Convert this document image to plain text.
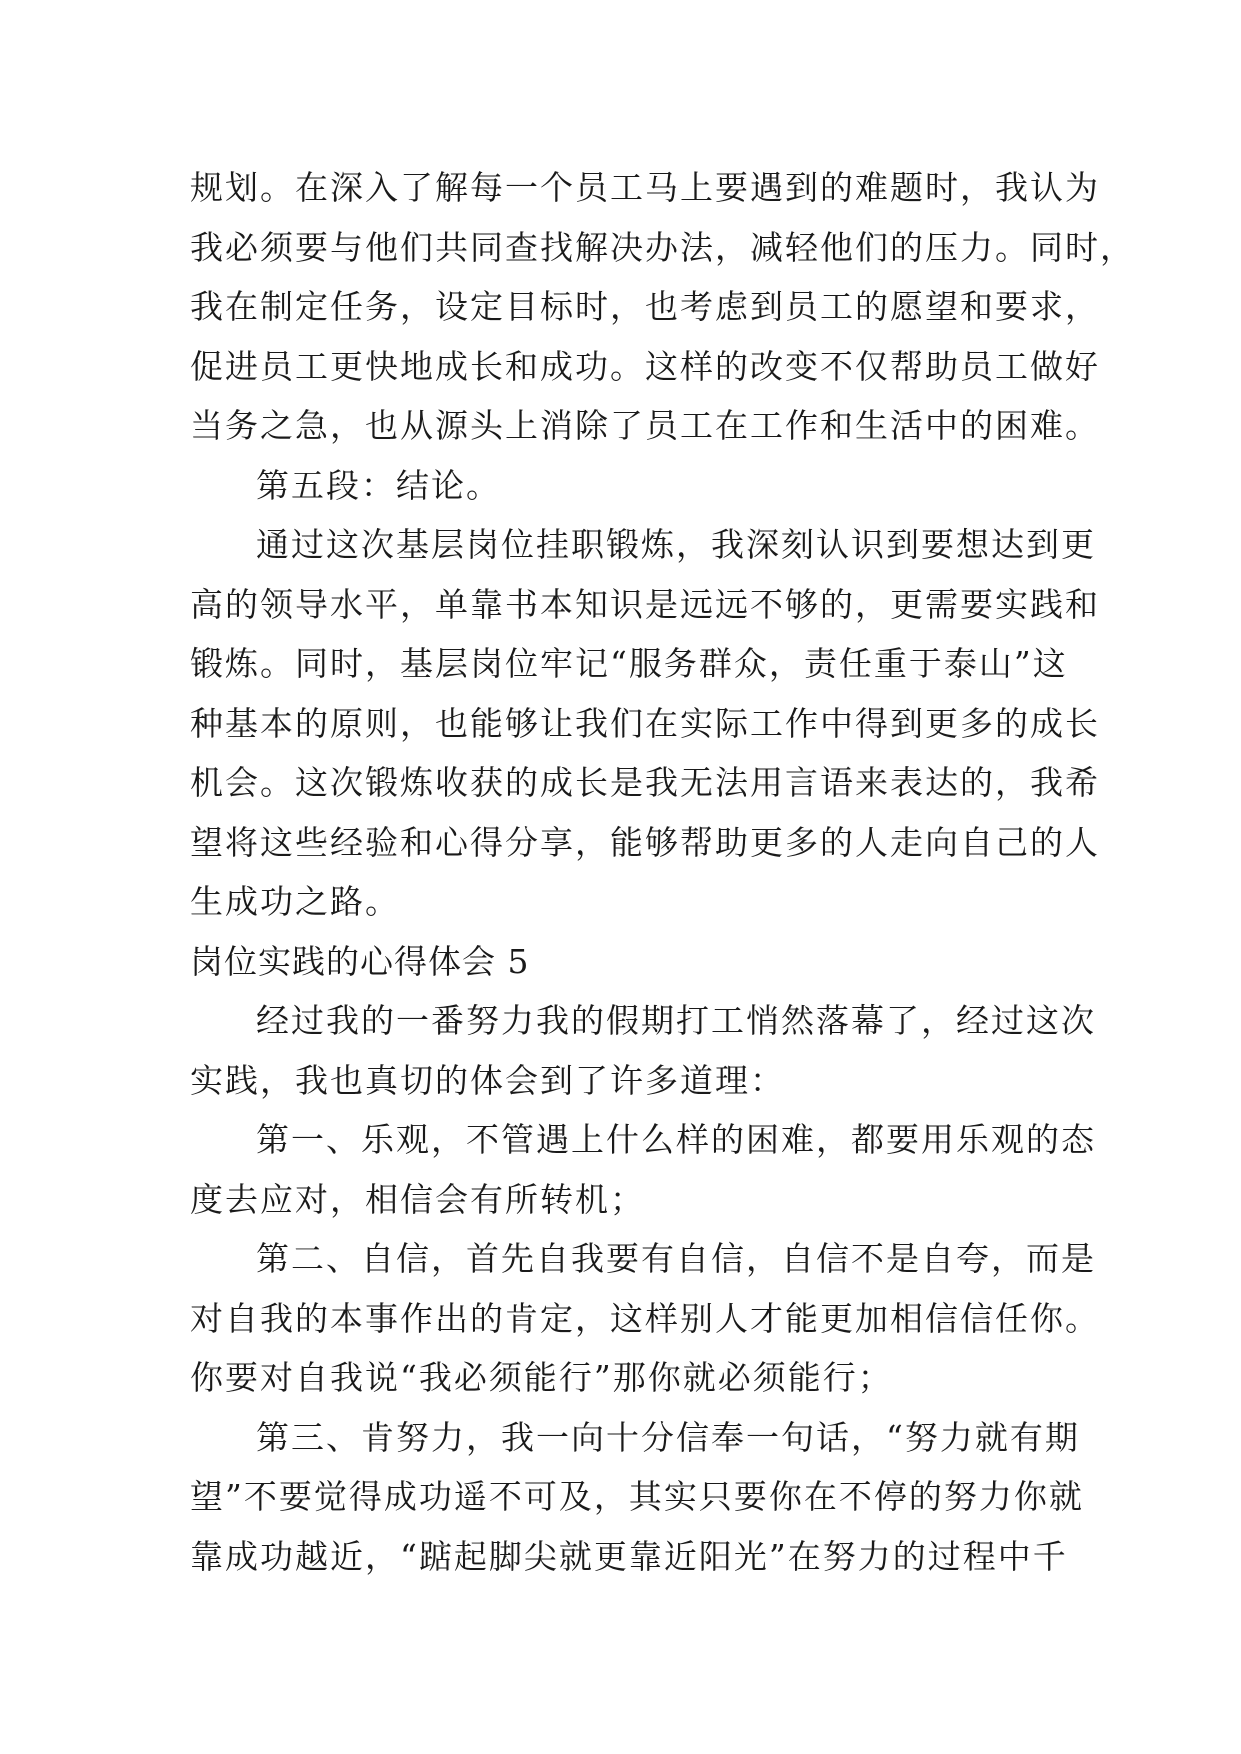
规划。在深入了解每一个员工马上要遇到的难题时，我认为
我必须要与他们共同查找解决办法，减轻他们的压力。同时，
我在制定任务，设定目标时，也考虑到员工的愿望和要求，
促进员工更快地成长和成功。这样的改变不仅帮助员工做好
当务之急，也从源头上消除了员工在工作和生活中的困难。
第五段：结论。
通过这次基层岗位挂职锻炼，我深刻认识到要想达到更
高的领导水平，单靠书本知识是远远不够的，更需要实践和
锻炼。同时，基层岗位牢记“服务群众，责任重于泰山”这
种基本的原则，也能够让我们在实际工作中得到更多的成长
机会。这次锻炼收获的成长是我无法用言语来表达的，我希
望将这些经验和心得分享，能够帮助更多的人走向自己的人
生成功之路。
岗位实践的心得体会 5
经过我的一番努力我的假期打工悄然落幕了，经过这次
实践，我也真切的体会到了许多道理：
第一、乐观，不管遇上什么样的困难，都要用乐观的态
度去应对，相信会有所转机；
第二、自信，首先自我要有自信，自信不是自夸，而是
对自我的本事作出的肯定，这样别人才能更加相信信任你。
你要对自我说“我必须能行”那你就必须能行；
第三、肯努力，我一向十分信奉一句话，“努力就有期
望”不要觉得成功遥不可及，其实只要你在不停的努力你就
靠成功越近，“踮起脚尖就更靠近阳光”在努力的过程中千
